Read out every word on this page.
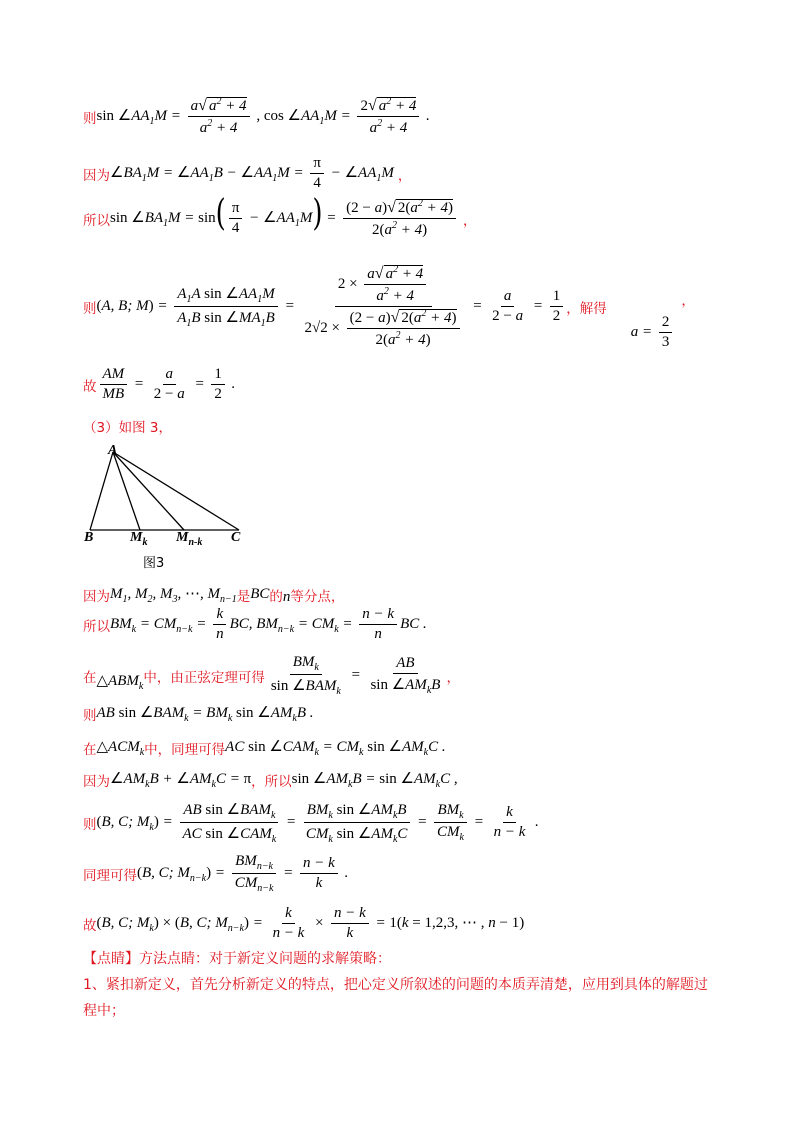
则 $\sin \angle AA_1M = \frac{a√ a^2 + 4}{a^2 + 4}$ , $\cos \angle AA_1M = \frac{2√ a^2 + 4}{a^2 + 4}$ .
因为 $\angle BA_1M$ = $\angle AA_1B$ − $\angle AA_1M = \frac{\pi}{4}$ − $\angle AA_1M$ ，
所以 $\sin \angle BA_1M = \sin( \frac{\pi}{4}$ − $\angle AA_1M) = \frac{(2 - a)√ 2(a^2 + 4)}{2(a^2 + 4)}$ ，
则 (A, B; $M) = \frac{A_1A \sin \angle AA_1M}{A_1B \sin \angle MA_1B} = \frac{2 \times \frac{a√ a^2 + 4}{a^2 + 4}}{2√2 \times \frac{(2 - a)√ 2(a^2 + 4)}{2(a^2 + 4)}} = \frac{a}{2 - a} = \frac{1}{2}$ ，解得
$a = \frac{2}{3}$
，
故 $\frac{AM}{MB} = \frac{a}{2 - a} = \frac{1}{2}$ .
（3）如图 3，
A
B	$M_k$ $M_{n-k}$ C
图3
因为 $M_1$, $M_2$, $M_3$, ⋯, $M_{n-1}$ 是 BC 的 n 等分点，
所以 $BM_k = CM_{n-k} = \frac{k}{n}$ BC, $BM_{n-k} = CM_k = \frac{n - k}{n}$ BC .
在 $\triangle ABM_k$
中，由正弦定理可得 $\frac{BM_k}{\sin \angle BAM_k} = \frac{AB}{\sin \angle AM_kB}$ ，
则 AB $\sin \angle BAM_k = BM_k$ $\sin \angle AM_kB$ .
在 $\triangle ACM_k$ 中，同理可得 AC $\sin \angle CAM_k = CM_k$ $\sin \angle AM_kC$ .
因为 $\angle AM_kB$ + $\angle AM_kC = \pi$ ，所以 $\sin \angle AM_kB = \sin$ $\angle AM_kC$ ,
则 (B, C; $M_k) = \frac{AB \sin \angle BAM_k}{AC \sin \angle CAM_k} = \frac{BM_k \sin \angle AM_kB}{CM_k \sin \angle AM_kC} = \frac{BM_k}{CM_k} = \frac{k}{n - k}$ .
同理可得 (B, C; $M_{n-k}) = \frac{BM_{n-k}}{CM_{n-k}} = \frac{n - k}{k}$ .
故 (B, C; $M_k) \times (B$, C; $M_{n-k}) = \frac{k}{n - k} \times \frac{n - k}{k} = 1(k = 1,2,3$, ⋯ , n − 1)
【点睛】方法点睛：对于新定义问题的求解策略：
1、紧扣新定义，首先分析新定义的特点，把心定义所叙述的问题的本质弄清楚，应用到具体的解题过
程中；
